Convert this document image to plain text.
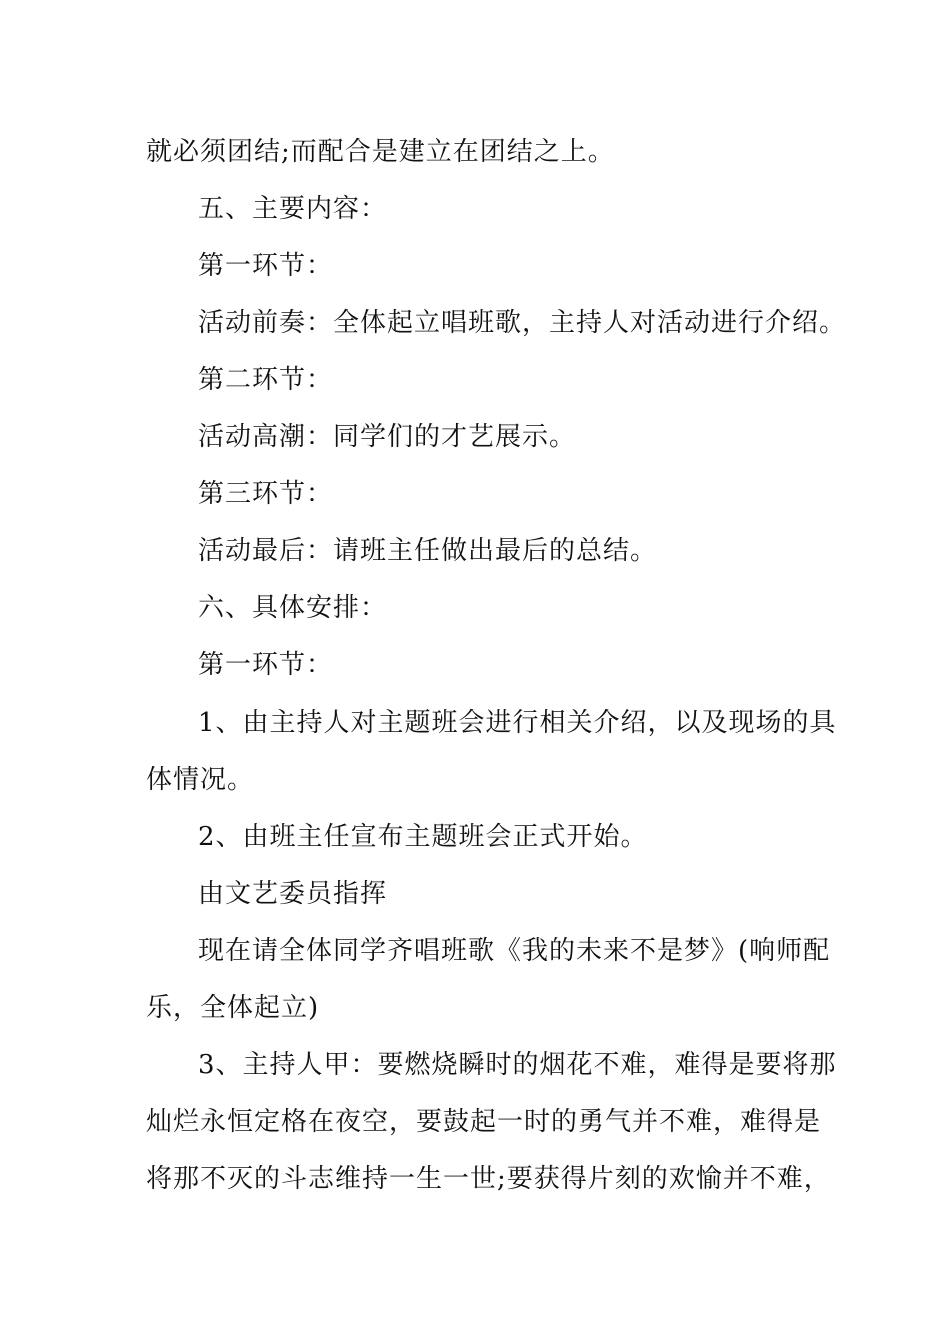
就必须团结;而配合是建立在团结之上。
五、主要内容：
第一环节：
活动前奏：全体起立唱班歌，主持人对活动进行介绍。
第二环节：
活动高潮：同学们的才艺展示。
第三环节：
活动最后：请班主任做出最后的总结。
六、具体安排：
第一环节：
1、由主持人对主题班会进行相关介绍，以及现场的具
体情况。
2、由班主任宣布主题班会正式开始。
由文艺委员指挥
现在请全体同学齐唱班歌《我的未来不是梦》(响师配
乐，全体起立)
3、主持人甲：要燃烧瞬时的烟花不难，难得是要将那
灿烂永恒定格在夜空，要鼓起一时的勇气并不难，难得是
将那不灭的斗志维持一生一世;要获得片刻的欢愉并不难，
